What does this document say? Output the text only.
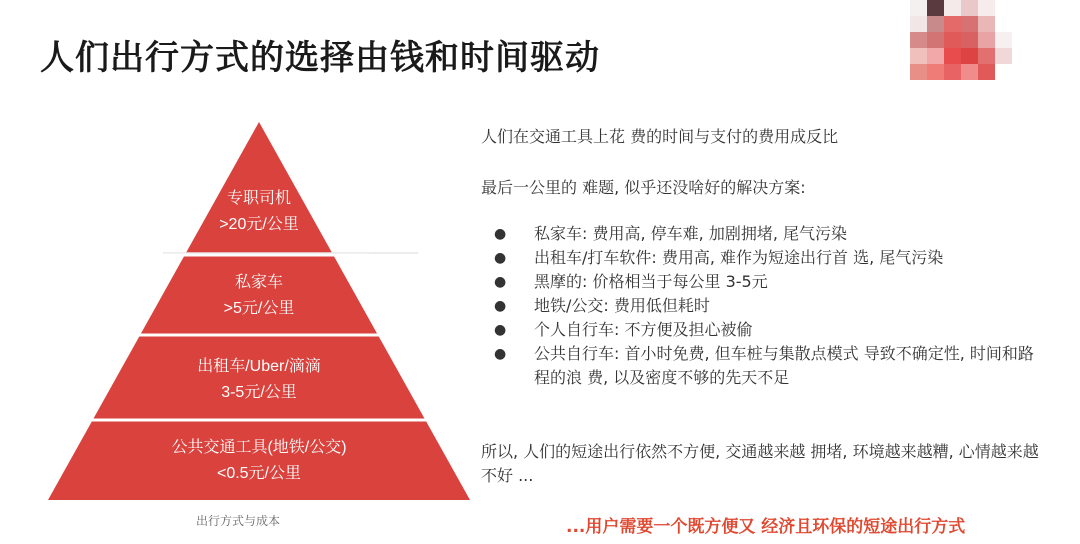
人们出行方式的选择由钱和时间驱动
专职司机
>20元/公里
私家车
>5元/公里
出租车/Uber/滴滴
3-5元/公里
公共交通工具(地铁/公交)
<0.5元/公里
出行方式与成本
人们在交通工具上花 费的时间与支付的费用成反比
最后一公里的 难题, 似乎还没啥好的解决方案:
● 私家车: 费用高, 停车难, 加剧拥堵, 尾气污染
● 出租车/打车软件: 费用高, 难作为短途出行首 选, 尾气污染
● 黑摩的: 价格相当于每公里 3-5元
● 地铁/公交: 费用低但耗时
● 个人自行车: 不方便及担心被偷
● 公共自行车: 首小时免费, 但车桩与集散点模式 导致不确定性, 时间和路程的浪 费, 以及密度不够的先天不足
所以, 人们的短途出行依然不方便, 交通越来越 拥堵, 环境越来越糟, 心情越来越不好 ...
...用户需要一个既方便又 经济且环保的短途出行方式
